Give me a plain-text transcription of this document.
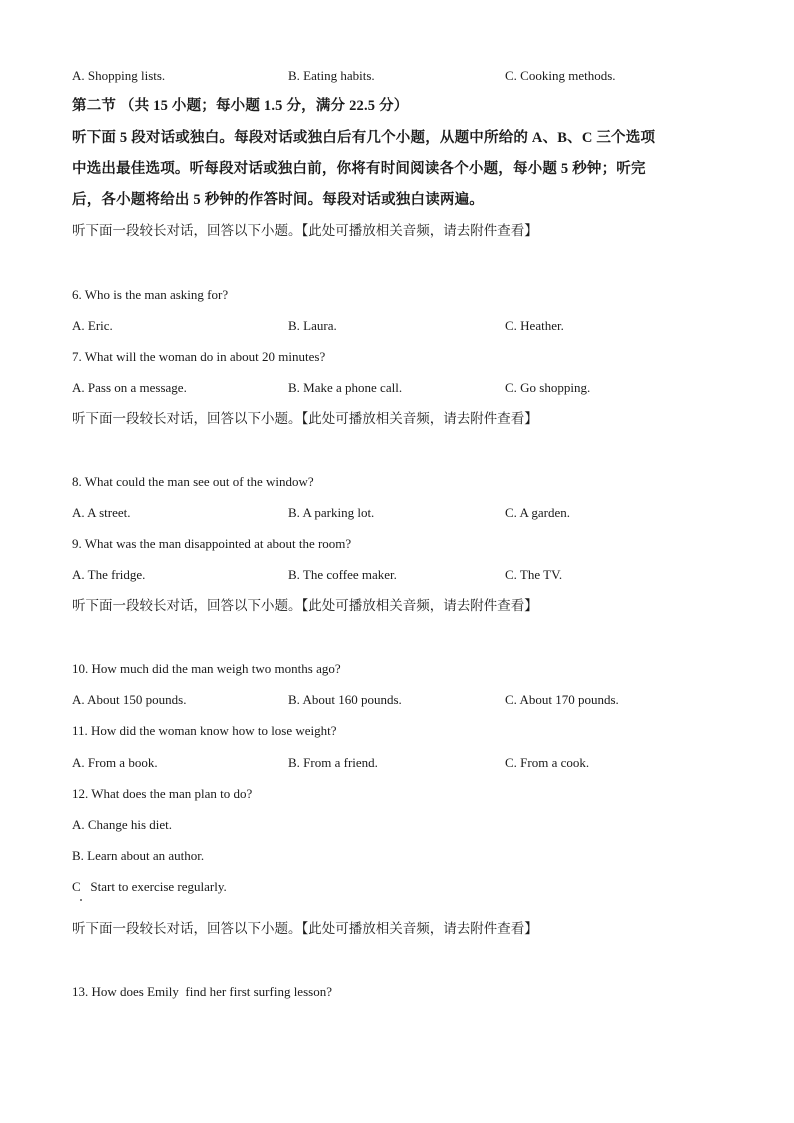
A. Shopping lists.	B. Eating habits.	C. Cooking methods.
第二节 （共 15 小题；每小题 1.5 分，满分 22.5 分）
听下面 5 段对话或独白。每段对话或独白后有几个小题，从题中所给的 A、B、C 三个选项
中选出最佳选项。听每段对话或独白前，你将有时间阅读各个小题，每小题 5 秒钟；听完
后，各小题将给出 5 秒钟的作答时间。每段对话或独白读两遍。
听下面一段较长对话，回答以下小题。【此处可播放相关音频，请去附件查看】
6. Who is the man asking for?
A. Eric.	B. Laura.	C. Heather.
7. What will the woman do in about 20 minutes?
A. Pass on a message.	B. Make a phone call.	C. Go shopping.
听下面一段较长对话，回答以下小题。【此处可播放相关音频，请去附件查看】
8. What could the man see out of the window?
A. A street.	B. A parking lot.	C. A garden.
9. What was the man disappointed at about the room?
A. The fridge.	B. The coffee maker.	C. The TV.
听下面一段较长对话，回答以下小题。【此处可播放相关音频，请去附件查看】
10. How much did the man weigh two months ago?
A. About 150 pounds.	B. About 160 pounds.	C. About 170 pounds.
11. How did the woman know how to lose weight?
A. From a book.	B. From a friend.	C. From a cook.
12. What does the man plan to do?
A. Change his diet.
B. Learn about an author.
C   Start to exercise regularly.
听下面一段较长对话，回答以下小题。【此处可播放相关音频，请去附件查看】
13. How does Emily  find her first surfing lesson?
